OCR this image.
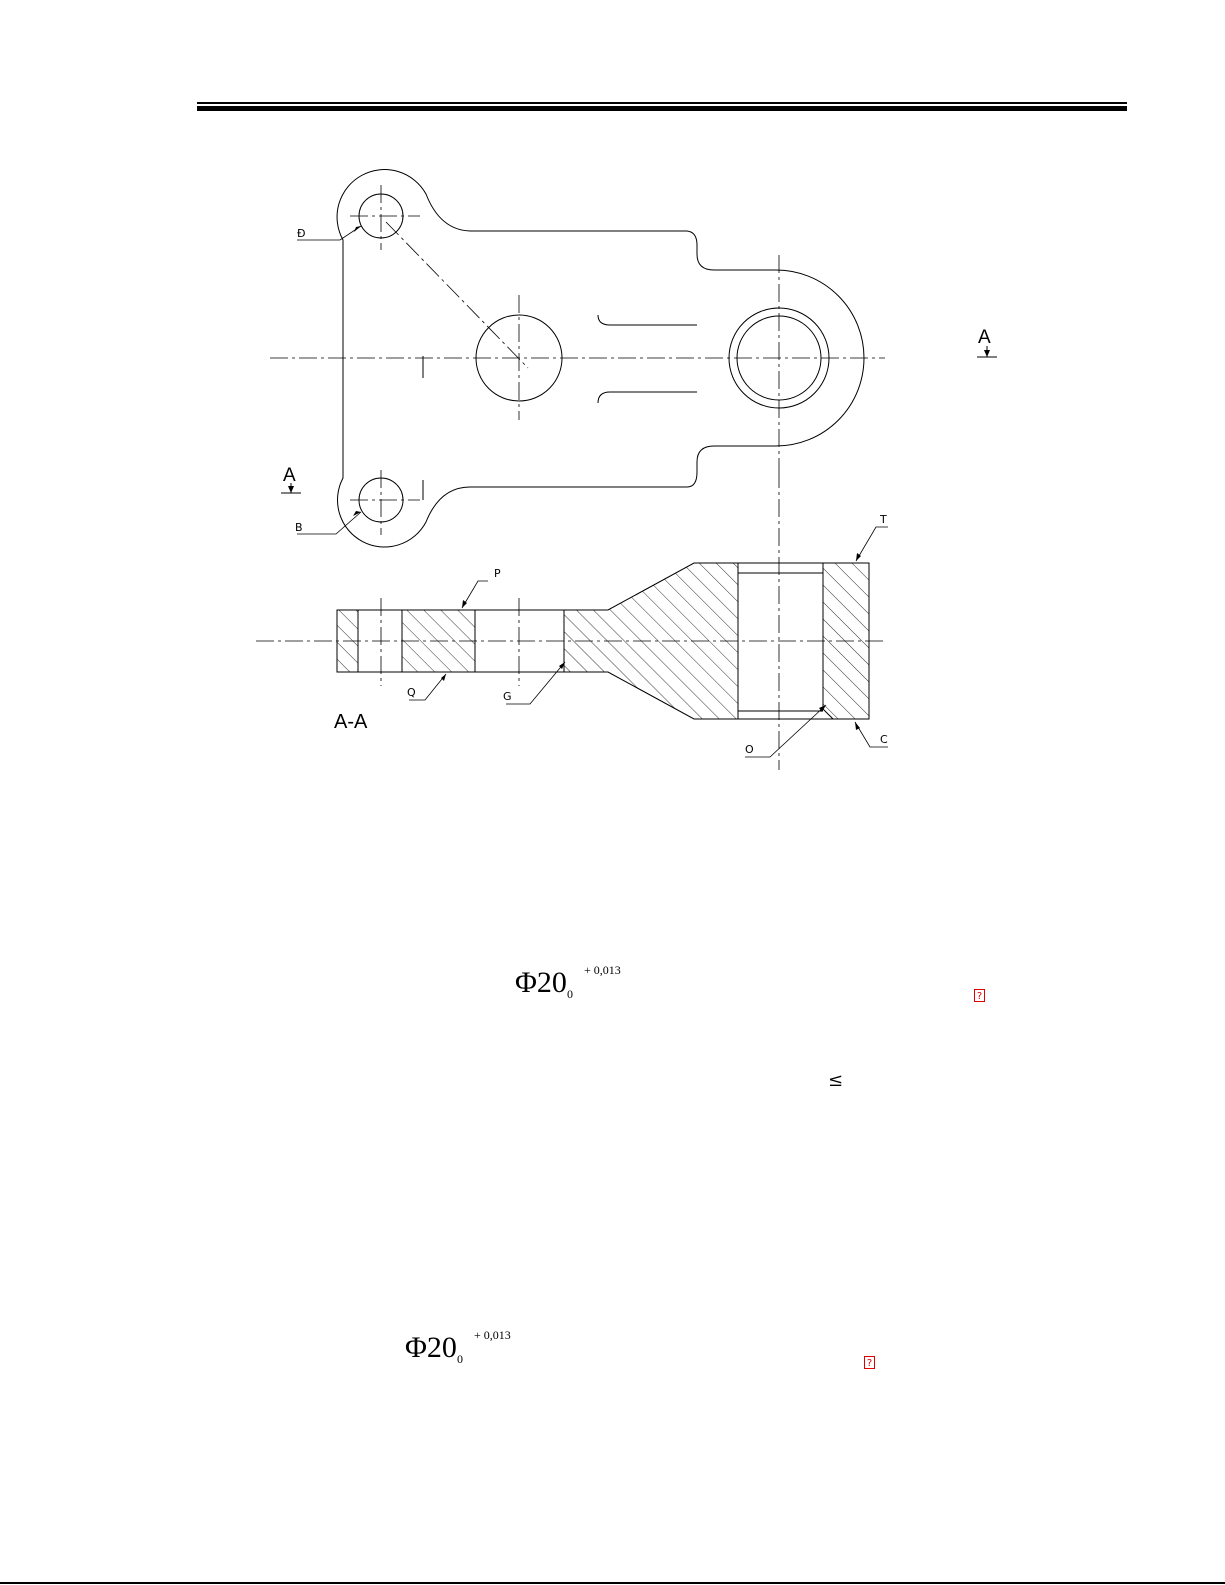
Đ
B
A
A
A-A
P
Q	G
T
O
C
Φ20 + 0,013
0	?
≤
Φ20 + 0,013
0	?
